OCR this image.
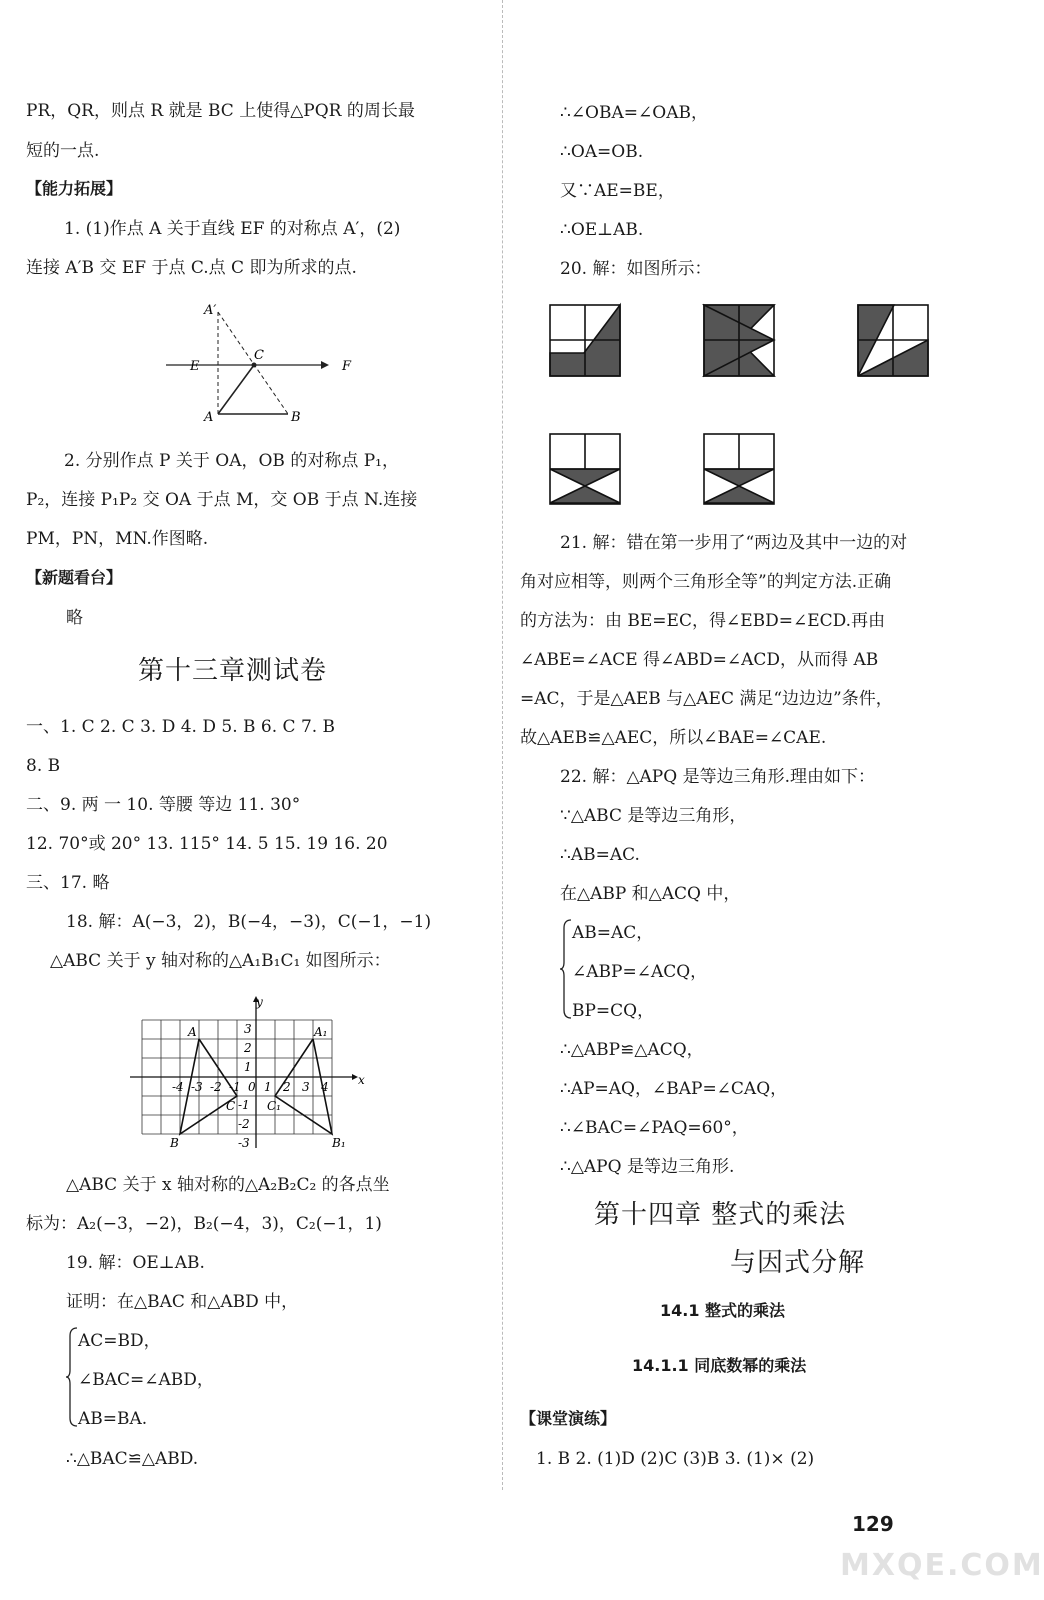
PR，QR，则点 R 就是 BC 上使得△PQR 的周长最
短的一点.
【能力拓展】
1. (1)作点 A 关于直线 EF 的对称点 A′，(2)
连接 A′B 交 EF 于点 C.点 C 即为所求的点.
A′
A	B
C
E	F
2. 分别作点 P 关于 OA，OB 的对称点 P₁，
P₂，连接 P₁P₂ 交 OA 于点 M，交 OB 于点 N.连接
PM，PN，MN.作图略.
【新题看台】
略
第十三章测试卷
一、1. C 2. C 3. D 4. D 5. B 6. C 7. B
8. B
二、9. 两 一 10. 等腰 等边 11. 30°
12. 70°或 20° 13. 115° 14. 5 15. 19 16. 20
三、17. 略
18. 解：A(−3，2)，B(−4，−3)，C(−1，−1)
△ABC 关于 y 轴对称的△A₁B₁C₁ 如图所示：
y
x
-4 -3 -2 -1 0 1 2 3 4
3
2
1
-1
-2
-3
A	A₁
B	B₁
C	C₁
△ABC 关于 x 轴对称的△A₂B₂C₂ 的各点坐
标为：A₂(−3，−2)，B₂(−4，3)，C₂(−1，1)
19. 解：OE⊥AB.
证明：在△BAC 和△ABD 中，
AC=BD，
∠BAC=∠ABD，
AB=BA.
∴△BAC≌△ABD.
∴∠OBA=∠OAB，
∴OA=OB.
又∵AE=BE，
∴OE⊥AB.
20. 解：如图所示：
21. 解：错在第一步用了“两边及其中一边的对
角对应相等，则两个三角形全等”的判定方法.正确
的方法为：由 BE=EC，得∠EBD=∠ECD.再由
∠ABE=∠ACE 得∠ABD=∠ACD，从而得 AB
=AC，于是△AEB 与△AEC 满足“边边边”条件，
故△AEB≌△AEC，所以∠BAE=∠CAE.
22. 解：△APQ 是等边三角形.理由如下：
∵△ABC 是等边三角形，
∴AB=AC.
在△ABP 和△ACQ 中，
AB=AC，
∠ABP=∠ACQ，
BP=CQ，
∴△ABP≌△ACQ，
∴AP=AQ，∠BAP=∠CAQ，
∴∠BAC=∠PAQ=60°，
∴△APQ 是等边三角形.
第十四章 整式的乘法
与因式分解
14.1 整式的乘法
14.1.1 同底数幂的乘法
【课堂演练】
1. B 2. (1)D (2)C (3)B 3. (1)× (2)
129
MXQE.COM
